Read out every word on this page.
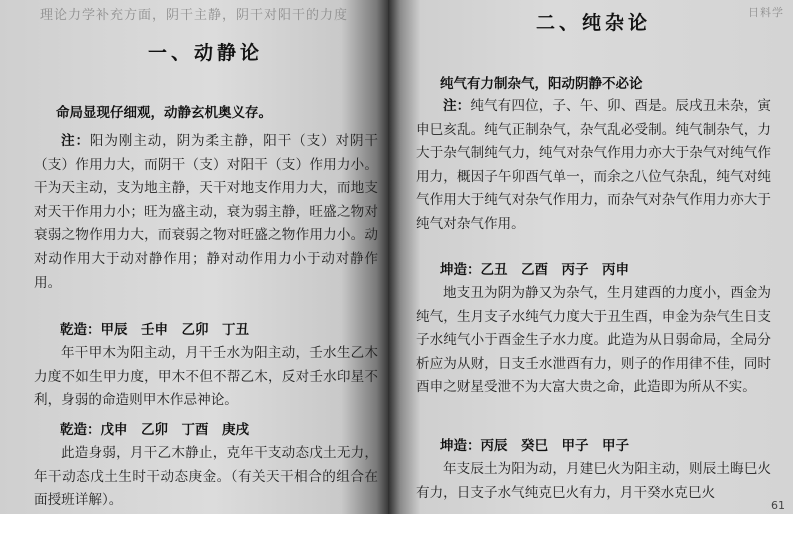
理论力学补充方面，阴干主静，阴干对阳干的力度
一、动静论
命局显现仔细观，动静玄机奥义存。
注：阳为刚主动，阴为柔主静，阳干（支）对阴干（支）作用力大，而阴干（支）对阳干（支）作用力小。干为天主动，支为地主静，天干对地支作用力大，而地支对天干作用力小；旺为盛主动，衰为弱主静，旺盛之物对衰弱之物作用力大，而衰弱之物对旺盛之物作用力小。动对动作用大于动对静作用；静对动作用力小于动对静作用。
乾造：甲辰　壬申　乙卯　丁丑
年干甲木为阳主动，月干壬水为阳主动，壬水生乙木力度不如生甲力度，甲木不但不帮乙木，反对壬水印星不利，身弱的命造则甲木作忌神论。
乾造：戊申　乙卯　丁酉　庚戌
此造身弱，月干乙木静止，克年干支动态戊土无力，年干动态戊土生时干动态庚金。（有关天干相合的组合在面授班详解）。
日料学
二、纯杂论
纯气有力制杂气，阳动阴静不必论
注：纯气有四位，子、午、卯、酉是。辰戌丑未杂，寅申巳亥乱。纯气正制杂气，杂气乱必受制。纯气制杂气，力大于杂气制纯气力，纯气对杂气作用力亦大于杂气对纯气作用力，概因子午卯酉气单一，而余之八位气杂乱，纯气对纯气作用大于纯气对杂气作用力，而杂气对杂气作用力亦大于纯气对杂气作用。
坤造：乙丑　乙酉　丙子　丙申
地支丑为阴为静又为杂气，生月建酉的力度小，酉金为纯气，生月支子水纯气力度大于丑生酉，申金为杂气生日支子水纯气小于酉金生子水力度。此造为从日弱命局，全局分析应为从财，日支壬水泄酉有力，则子的作用律不佳，同时酉申之财星受泄不为大富大贵之命，此造即为所从不实。
坤造：丙辰　癸巳　甲子　甲子
年支辰土为阳为动，月建巳火为阳主动，则辰土晦巳火有力，日支子水气纯克巳火有力，月干癸水克巳火
61
